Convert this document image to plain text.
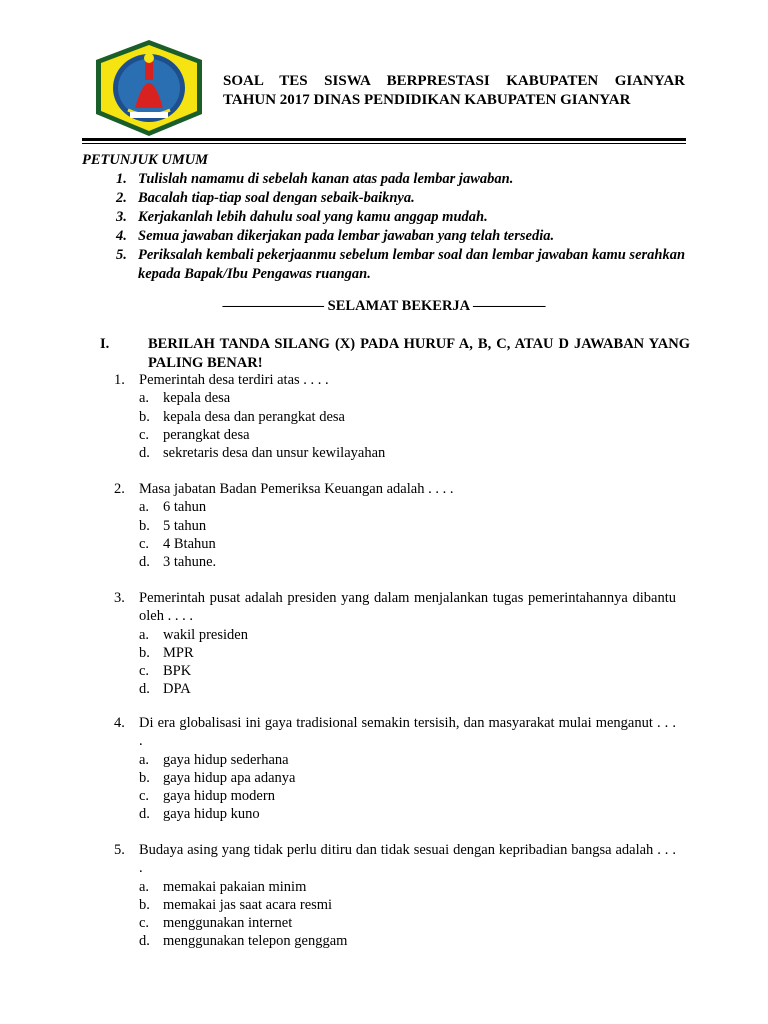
SOAL TES SISWA BERPRESTASI KABUPATEN GIANYAR
TAHUN 2017 DINAS PENDIDIKAN KABUPATEN GIANYAR
PETUNJUK UMUM
1. Tulislah namamu di sebelah kanan atas pada lembar jawaban.
2. Bacalah tiap-tiap soal dengan sebaik-baiknya.
3. Kerjakanlah lebih dahulu soal yang kamu anggap mudah.
4. Semua jawaban dikerjakan pada lembar jawaban yang telah tersedia.
5. Periksalah kembali pekerjaanmu sebelum lembar soal dan lembar jawaban kamu serahkan kepada Bapak/Ibu Pengawas ruangan.
——————— SELAMAT BEKERJA —————
I.	BERILAH TANDA SILANG (X) PADA HURUF A, B, C, ATAU D JAWABAN YANG PALING BENAR!
1. Pemerintah desa terdiri atas . . . .
a. kepala desa
b. kepala desa dan perangkat desa
c. perangkat desa
d. sekretaris desa dan unsur kewilayahan
2. Masa jabatan Badan Pemeriksa Keuangan adalah . . . .
a. 6 tahun
b. 5 tahun
c. 4 Btahun
d. 3 tahune.
3. Pemerintah pusat adalah presiden yang dalam menjalankan tugas pemerintahannya dibantu oleh . . . .
a. wakil presiden
b. MPR
c. BPK
d. DPA
4. Di era globalisasi ini gaya tradisional semakin tersisih, dan masyarakat mulai menganut . . . .
a. gaya hidup sederhana
b. gaya hidup apa adanya
c. gaya hidup modern
d. gaya hidup kuno
5. Budaya asing yang tidak perlu ditiru dan tidak sesuai dengan kepribadian bangsa adalah . . . .
a. memakai pakaian minim
b. memakai jas saat acara resmi
c. menggunakan internet
d. menggunakan telepon genggam
